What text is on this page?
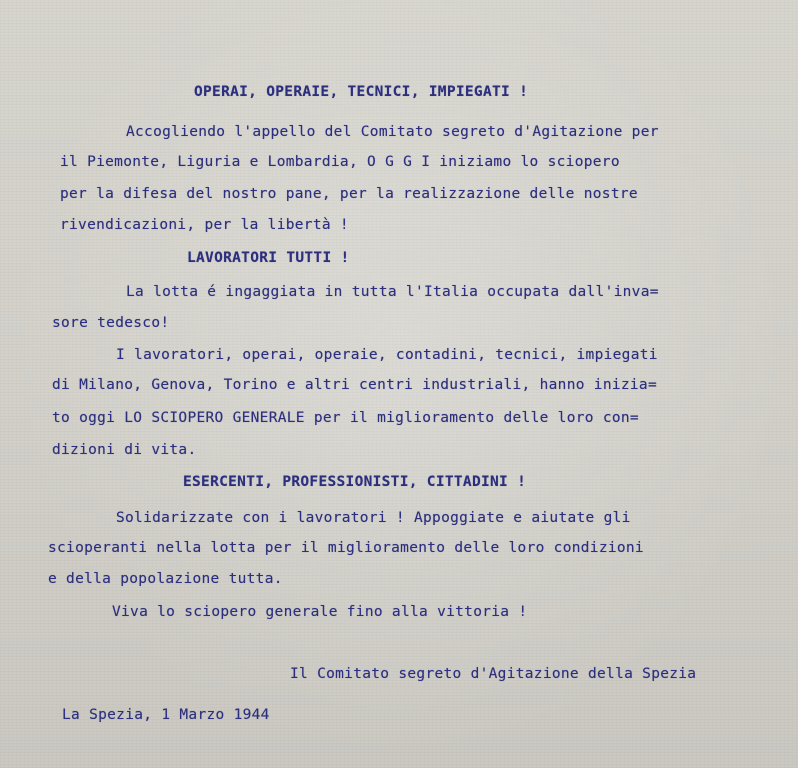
OPERAI, OPERAIE, TECNICI, IMPIEGATI !

Accogliendo l'appello del Comitato segreto d'Agitazione per

il Piemonte, Liguria e Lombardia, O G G I iniziamo lo sciopero

per la difesa del nostro pane, per la realizzazione delle nostre

rivendicazioni, per la libertà !

LAVORATORI TUTTI !

La lotta é ingaggiata in tutta l'Italia occupata dall'inva=

sore tedesco!

I lavoratori, operai, operaie, contadini, tecnici, impiegati

di Milano, Genova, Torino e altri centri industriali, hanno inizia=

to oggi LO SCIOPERO GENERALE per il miglioramento delle loro con=

dizioni di vita.

ESERCENTI, PROFESSIONISTI, CITTADINI !

Solidarizzate con i lavoratori ! Appoggiate e aiutate gli

scioperanti nella lotta per il miglioramento delle loro condizioni

e della popolazione tutta.

Viva lo sciopero generale fino alla vittoria !

Il Comitato segreto d'Agitazione della Spezia

La Spezia, 1 Marzo 1944
